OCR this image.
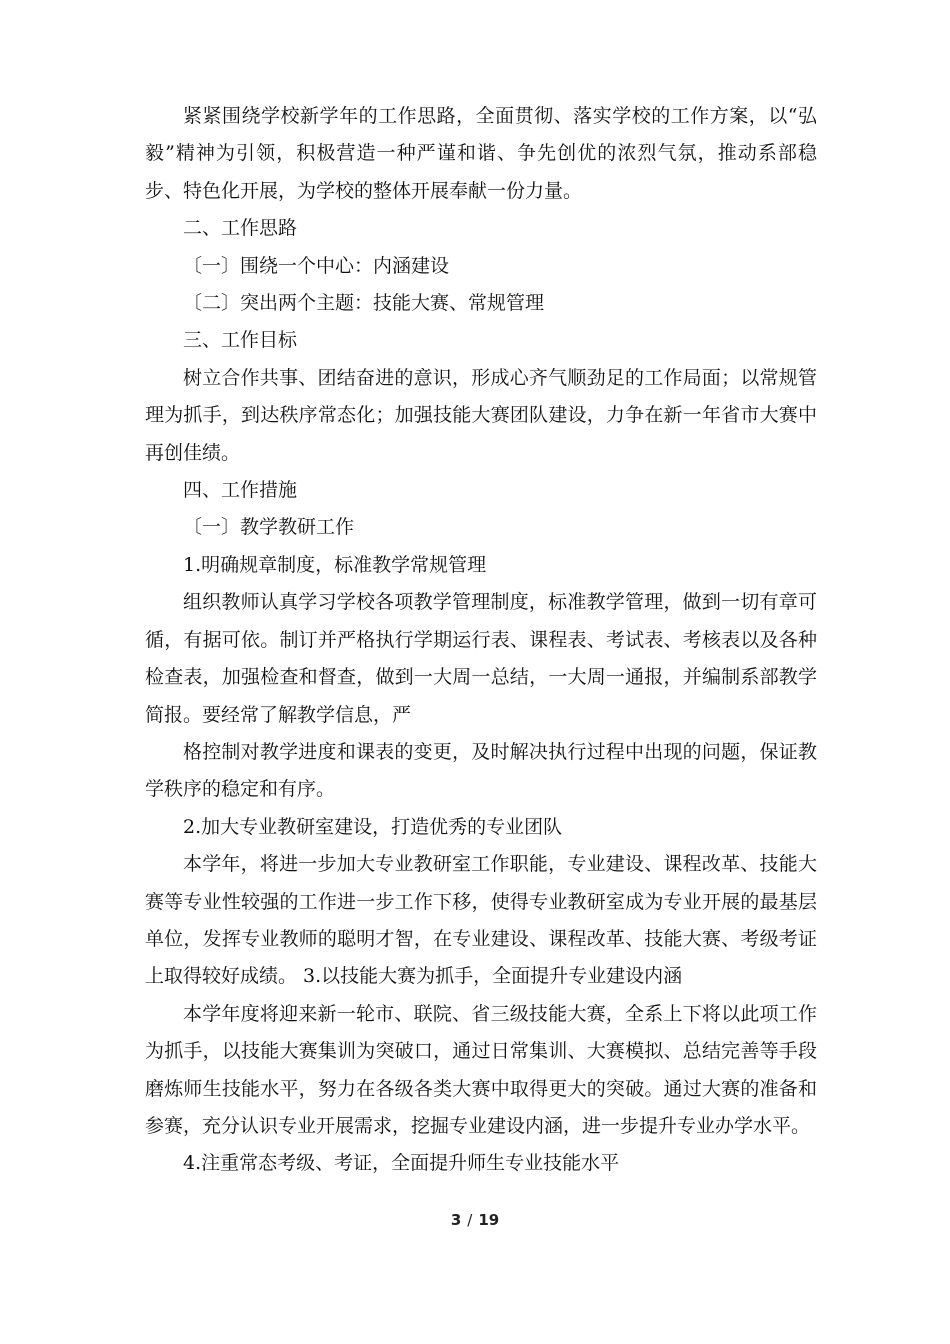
紧紧围绕学校新学年的工作思路，全面贯彻、落实学校的工作方案，以“弘毅”精神为引领，积极营造一种严谨和谐、争先创优的浓烈气氛，推动系部稳步、特色化开展，为学校的整体开展奉献一份力量。

二、工作思路

〔一〕围绕一个中心：内涵建设

〔二〕突出两个主题：技能大赛、常规管理

三、工作目标

树立合作共事、团结奋进的意识，形成心齐气顺劲足的工作局面；以常规管理为抓手，到达秩序常态化；加强技能大赛团队建设，力争在新一年省市大赛中再创佳绩。

四、工作措施

〔一〕教学教研工作

1.明确规章制度，标准教学常规管理

组织教师认真学习学校各项教学管理制度，标准教学管理，做到一切有章可循，有据可依。制订并严格执行学期运行表、课程表、考试表、考核表以及各种检查表，加强检查和督查，做到一大周一总结，一大周一通报，并编制系部教学简报。要经常了解教学信息，严

格控制对教学进度和课表的变更，及时解决执行过程中出现的问题，保证教学秩序的稳定和有序。

2.加大专业教研室建设，打造优秀的专业团队

本学年，将进一步加大专业教研室工作职能，专业建设、课程改革、技能大赛等专业性较强的工作进一步工作下移，使得专业教研室成为专业开展的最基层单位，发挥专业教师的聪明才智，在专业建设、课程改革、技能大赛、考级考证上取得较好成绩。 3.以技能大赛为抓手，全面提升专业建设内涵

本学年度将迎来新一轮市、联院、省三级技能大赛，全系上下将以此项工作为抓手，以技能大赛集训为突破口，通过日常集训、大赛模拟、总结完善等手段磨炼师生技能水平，努力在各级各类大赛中取得更大的突破。通过大赛的准备和参赛，充分认识专业开展需求，挖掘专业建设内涵，进一步提升专业办学水平。

4.注重常态考级、考证，全面提升师生专业技能水平

3 / 19
